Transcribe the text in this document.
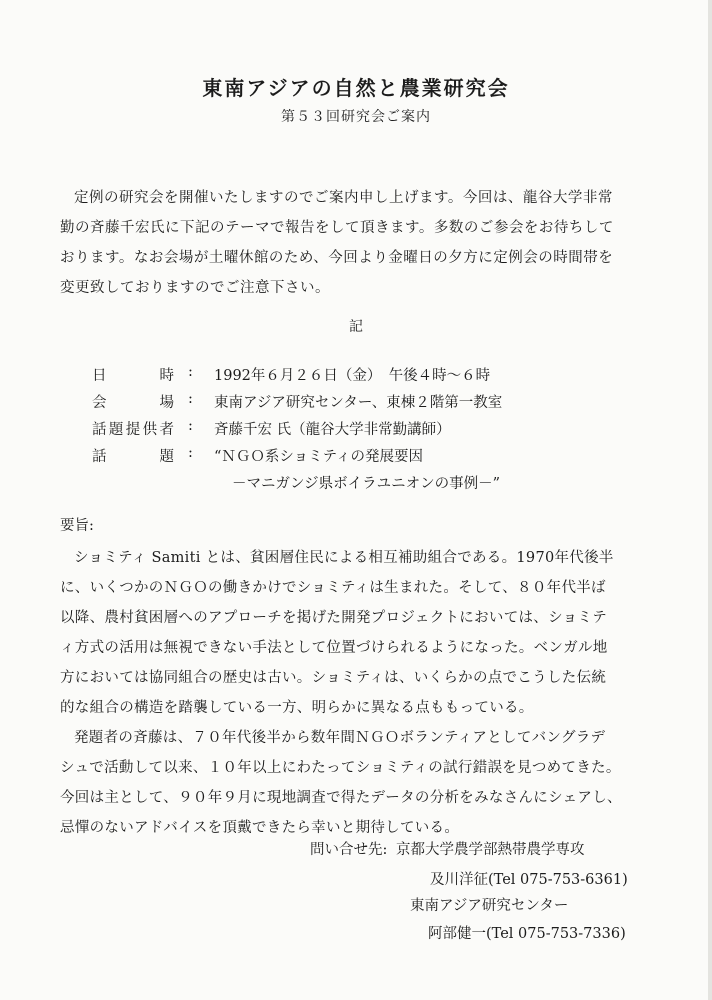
東南アジアの自然と農業研究会
第５３回研究会ご案内
定例の研究会を開催いたしますのでご案内申し上げます。今回は、龍谷大学非常
勤の斉藤千宏氏に下記のテーマで報告をして頂きます。多数のご参会をお待ちして
おります。なお会場が土曜休館のため、今回より金曜日の夕方に定例会の時間帯を
変更致しておりますのでご注意下さい。
記
日時 : 1992年６月２６日（金）　午後４時～６時
会場 : 東南アジア研究センター、東棟２階第一教室
話題提供者 : 斉藤千宏 氏（龍谷大学非常勤講師）
話題 : “ＮＧＯ系ショミティの発展要因
－マニガンジ県ボイラユニオンの事例－”
要旨:
ショミティ Samiti とは、貧困層住民による相互補助組合である。1970年代後半
に、いくつかのＮＧＯの働きかけでショミティは生まれた。そして、８０年代半ば
以降、農村貧困層へのアプローチを掲げた開発プロジェクトにおいては、ショミテ
ィ方式の活用は無視できない手法として位置づけられるようになった。ベンガル地
方においては協同組合の歴史は古い。ショミティは、いくらかの点でこうした伝統
的な組合の構造を踏襲している一方、明らかに異なる点ももっている。
発題者の斉藤は、７０年代後半から数年間ＮＧＯボランティアとしてバングラデ
シュで活動して以来、１０年以上にわたってショミティの試行錯誤を見つめてきた。
今回は主として、９０年９月に現地調査で得たデータの分析をみなさんにシェアし、
忌憚のないアドバイスを頂戴できたら幸いと期待している。
問い合せ先: 京都大学農学部熱帯農学専攻
及川洋征(Tel 075-753-6361)
東南アジア研究センター
阿部健一(Tel 075-753-7336)
